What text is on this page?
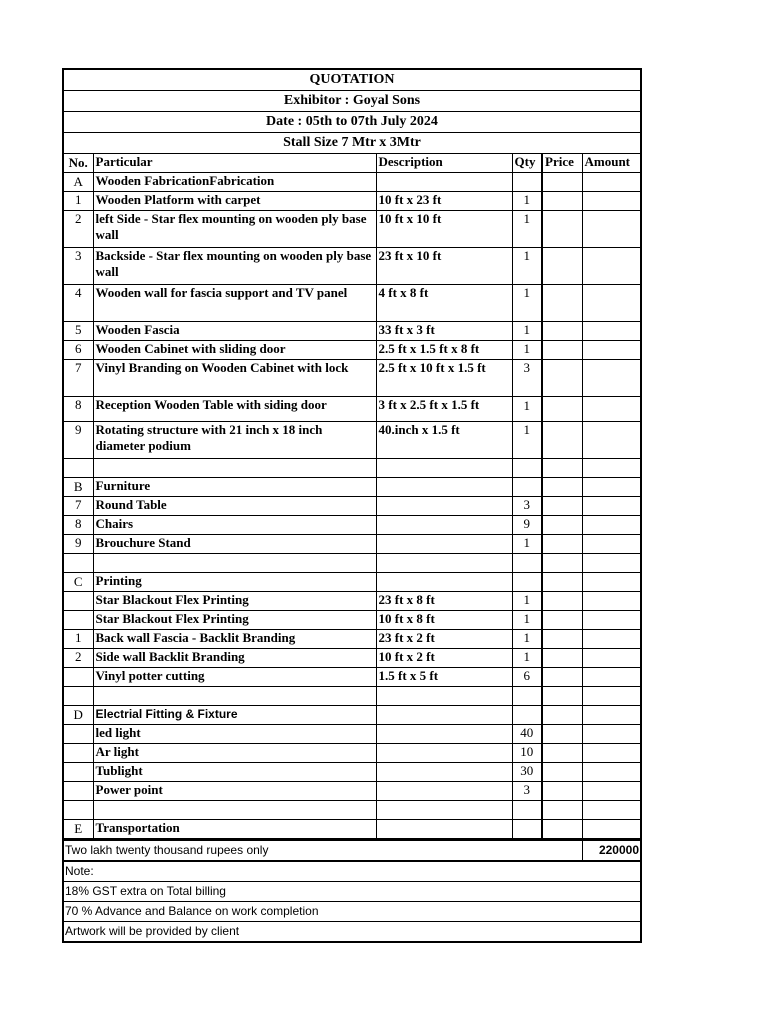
QUOTATION
Exhibitor : Goyal Sons
Date : 05th to 07th July 2024
Stall Size 7 Mtr x 3Mtr
No.	Particular	Description	Qty	Price	Amount
A	Wooden FabricationFabrication				
1	Wooden Platform with carpet	10 ft x 23 ft	1		
2	left Side - Star flex mounting on wooden ply base wall	10 ft x 10 ft	1		
3	Backside - Star flex mounting on wooden ply base wall	23 ft x 10 ft	1		
4	Wooden wall for fascia support and TV panel	4 ft x 8 ft	1		
5	Wooden Fascia	33 ft x 3 ft	1		
6	Wooden Cabinet with sliding door	2.5 ft x 1.5 ft x 8 ft	1		
7	Vinyl Branding on Wooden Cabinet with lock	2.5 ft x 10 ft x 1.5 ft	3		
8	Reception Wooden Table with siding door	3 ft x 2.5 ft x 1.5 ft	1		
9	Rotating structure with 21 inch x 18 inch diameter podium	40.inch x 1.5 ft	1		

B	Furniture				
7	Round Table		3		
8	Chairs		9		
9	Brouchure Stand		1		

C	Printing				
	Star Blackout Flex Printing	23 ft x 8 ft	1		
	Star Blackout Flex Printing	10 ft x 8 ft	1		
1	Back wall Fascia - Backlit Branding	23 ft x 2 ft	1		
2	Side wall Backlit Branding	10 ft x 2 ft	1		
	Vinyl potter cutting	1.5 ft x 5 ft	6		

D	Electrial Fitting & Fixture				
	led light		40		
	Ar light		10		
	Tublight		30		
	Power point		3		

E	Transportation				
Two lakh twenty thousand rupees only	220000
Note:
18% GST extra on Total billing
70 % Advance and Balance on work completion
Artwork will be provided by client
